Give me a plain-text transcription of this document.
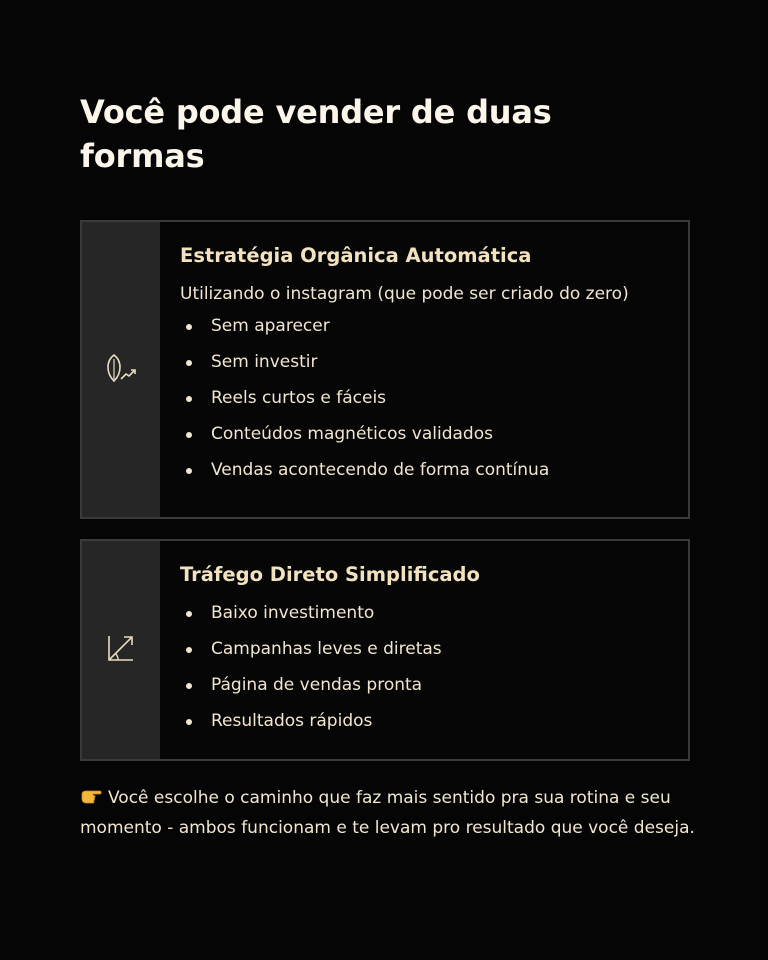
Você pode vender de duas formas
Estratégia Orgânica Automática

Utilizando o instagram (que pode ser criado do zero)

Sem aparecer
Sem investir
Reels curtos e fáceis
Conteúdos magnéticos validados
Vendas acontecendo de forma contínua
Tráfego Direto Simplificado
Baixo investimento
Campanhas leves e diretas
Página de vendas pronta
Resultados rápidos

Você escolhe o caminho que faz mais sentido pra sua rotina e seu momento - ambos funcionam e te levam pro resultado que você deseja.
